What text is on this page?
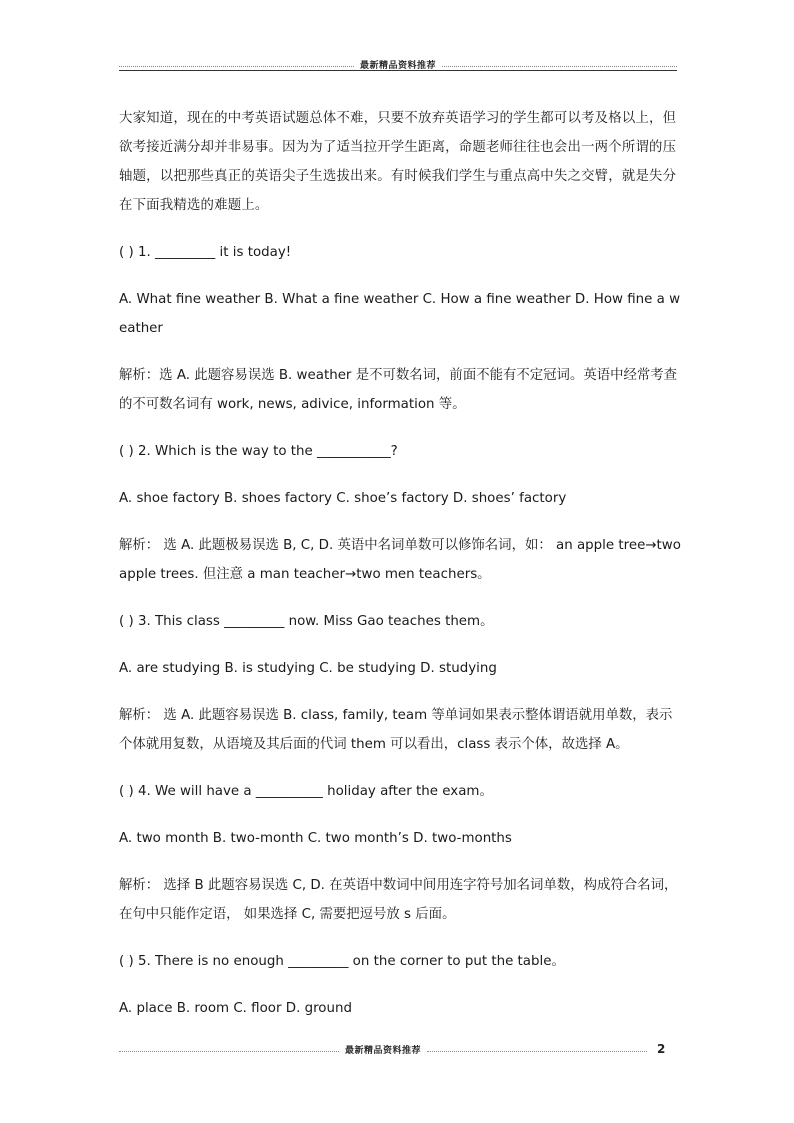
最新精品资料推荐

大家知道，现在的中考英语试题总体不难，只要不放弃英语学习的学生都可以考及格以上，但欲考接近满分却并非易事。因为为了适当拉开学生距离，命题老师往往也会出一两个所谓的压轴题，以把那些真正的英语尖子生选拔出来。有时候我们学生与重点高中失之交臂，就是失分在下面我精选的难题上。

( ) 1. _________ it is today!

A. What fine weather B. What a fine weather C. How a fine weather D. How fine a weather

解析：选 A. 此题容易误选 B. weather 是不可数名词，前面不能有不定冠词。英语中经常考查的不可数名词有 work, news, adivice, information 等。

( ) 2. Which is the way to the ___________?

A. shoe factory B. shoes factory C. shoe’s factory D. shoes’ factory

解析： 选 A. 此题极易误选 B, C, D. 英语中名词单数可以修饰名词，如： an apple tree→two apple trees. 但注意 a man teacher→two men teachers。

( ) 3. This class _________ now. Miss Gao teaches them。

A. are studying B. is studying C. be studying D. studying

解析： 选 A. 此题容易误选 B. class, family, team 等单词如果表示整体谓语就用单数，表示个体就用复数，从语境及其后面的代词 them 可以看出，class 表示个体，故选择 A。

( ) 4. We will have a __________ holiday after the exam。

A. two month B. two-month C. two month’s D. two-months

解析： 选择 B 此题容易误选 C, D. 在英语中数词中间用连字符号加名词单数，构成符合名词，在句中只能作定语， 如果选择 C, 需要把逗号放 s 后面。

( ) 5. There is no enough _________ on the corner to put the table。

A. place B. room C. floor D. ground

最新精品资料推荐	2
